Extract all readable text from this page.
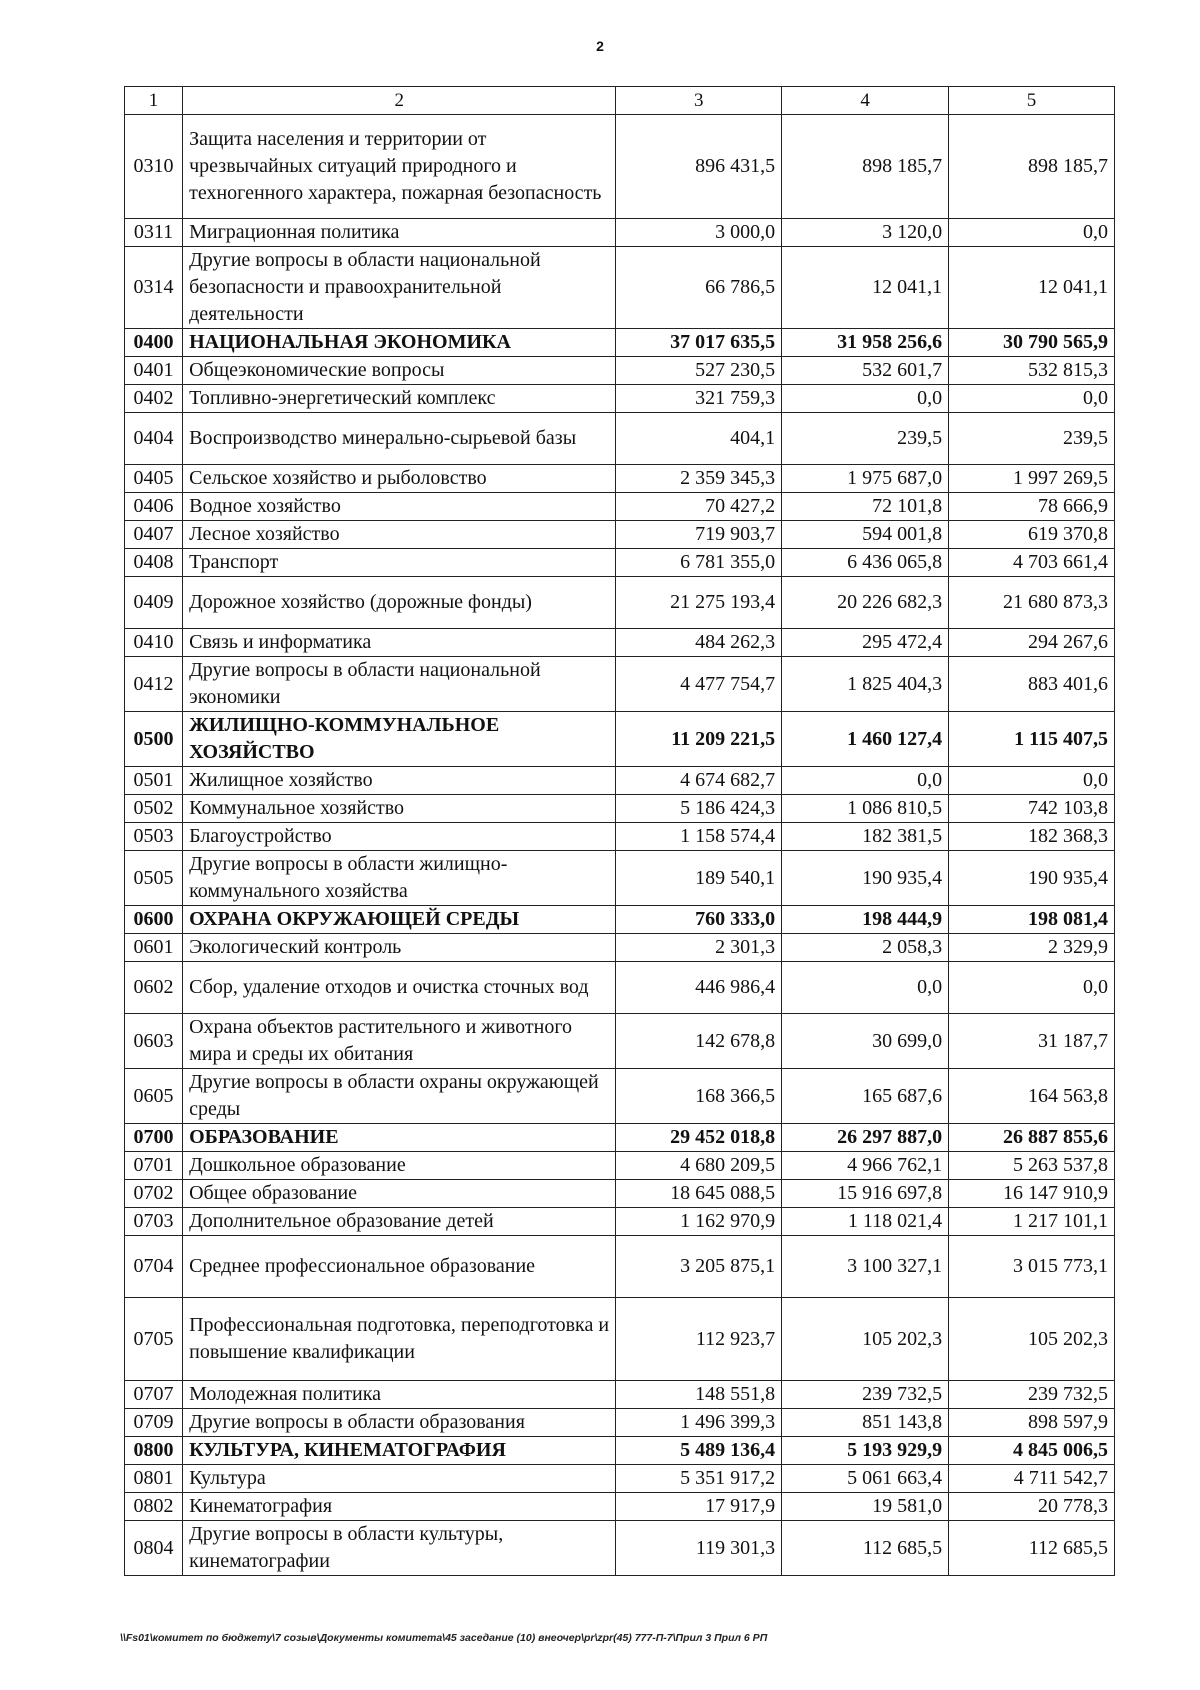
2
1	2	3	4	5
0310	Защита населения и территории от чрезвычайных ситуаций природного и техногенного характера, пожарная безопасность	896 431,5	898 185,7	898 185,7
0311	Миграционная политика	3 000,0	3 120,0	0,0
0314	Другие вопросы в области национальной безопасности и правоохранительной деятельности	66 786,5	12 041,1	12 041,1
0400	НАЦИОНАЛЬНАЯ ЭКОНОМИКА	37 017 635,5	31 958 256,6	30 790 565,9
0401	Общеэкономические вопросы	527 230,5	532 601,7	532 815,3
0402	Топливно-энергетический комплекс	321 759,3	0,0	0,0
0404	Воспроизводство минерально-сырьевой базы	404,1	239,5	239,5
0405	Сельское хозяйство и рыболовство	2 359 345,3	1 975 687,0	1 997 269,5
0406	Водное хозяйство	70 427,2	72 101,8	78 666,9
0407	Лесное хозяйство	719 903,7	594 001,8	619 370,8
0408	Транспорт	6 781 355,0	6 436 065,8	4 703 661,4
0409	Дорожное хозяйство (дорожные фонды)	21 275 193,4	20 226 682,3	21 680 873,3
0410	Связь и информатика	484 262,3	295 472,4	294 267,6
0412	Другие вопросы в области национальной экономики	4 477 754,7	1 825 404,3	883 401,6
0500	ЖИЛИЩНО-КОММУНАЛЬНОЕ ХОЗЯЙСТВО	11 209 221,5	1 460 127,4	1 115 407,5
0501	Жилищное хозяйство	4 674 682,7	0,0	0,0
0502	Коммунальное хозяйство	5 186 424,3	1 086 810,5	742 103,8
0503	Благоустройство	1 158 574,4	182 381,5	182 368,3
0505	Другие вопросы в области жилищно-коммунального хозяйства	189 540,1	190 935,4	190 935,4
0600	ОХРАНА ОКРУЖАЮЩЕЙ СРЕДЫ	760 333,0	198 444,9	198 081,4
0601	Экологический контроль	2 301,3	2 058,3	2 329,9
0602	Сбор, удаление отходов и очистка сточных вод	446 986,4	0,0	0,0
0603	Охрана объектов растительного и животного мира и среды их обитания	142 678,8	30 699,0	31 187,7
0605	Другие вопросы в области охраны окружающей среды	168 366,5	165 687,6	164 563,8
0700	ОБРАЗОВАНИЕ	29 452 018,8	26 297 887,0	26 887 855,6
0701	Дошкольное образование	4 680 209,5	4 966 762,1	5 263 537,8
0702	Общее образование	18 645 088,5	15 916 697,8	16 147 910,9
0703	Дополнительное образование детей	1 162 970,9	1 118 021,4	1 217 101,1
0704	Среднее профессиональное образование	3 205 875,1	3 100 327,1	3 015 773,1
0705	Профессиональная подготовка, переподготовка и повышение квалификации	112 923,7	105 202,3	105 202,3
0707	Молодежная политика	148 551,8	239 732,5	239 732,5
0709	Другие вопросы в области образования	1 496 399,3	851 143,8	898 597,9
0800	КУЛЬТУРА, КИНЕМАТОГРАФИЯ	5 489 136,4	5 193 929,9	4 845 006,5
0801	Культура	5 351 917,2	5 061 663,4	4 711 542,7
0802	Кинематография	17 917,9	19 581,0	20 778,3
0804	Другие вопросы в области культуры, кинематографии	119 301,3	112 685,5	112 685,5
\\Fs01\комитет по бюджету\7 созыв\Документы комитета\45 заседание (10) внеочер\pr\zpr(45) 777-П-7\Прил 3 Прил 6 РП
